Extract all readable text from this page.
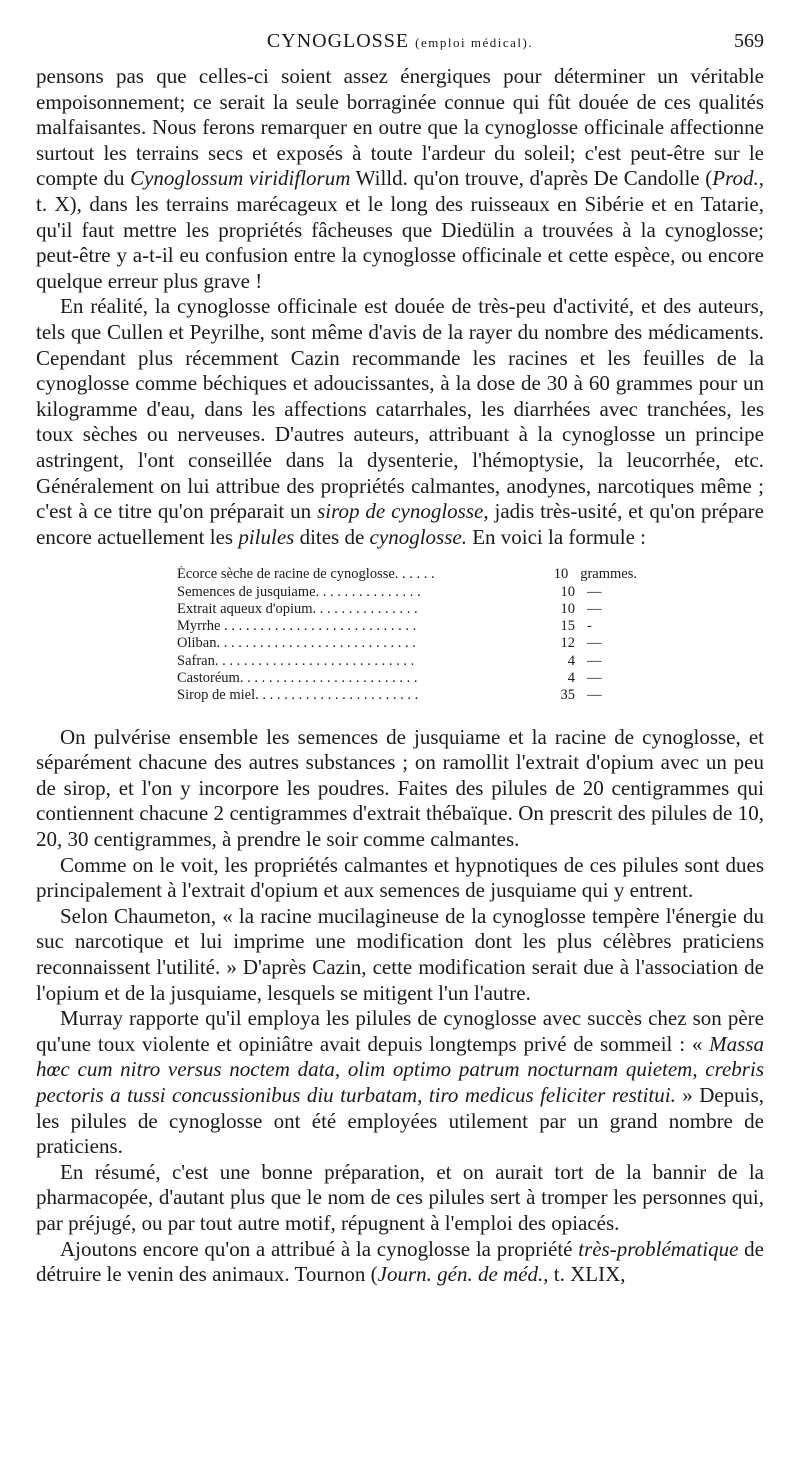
CYNOGLOSSE (emploi médical).	569

pensons pas que celles-ci soient assez énergiques pour déterminer un véritable empoisonnement; ce serait la seule borraginée connue qui fût douée de ces qualités malfaisantes. Nous ferons remarquer en outre que la cynoglosse officinale affectionne surtout les terrains secs et exposés à toute l'ardeur du soleil; c'est peut-être sur le compte du Cynoglossum viridiflorum Willd. qu'on trouve, d'après De Candolle (Prod., t. X), dans les terrains marécageux et le long des ruisseaux en Sibérie et en Tatarie, qu'il faut mettre les propriétés fâcheuses que Diedülin a trouvées à la cynoglosse; peut-être y a-t-il eu confusion entre la cynoglosse officinale et cette espèce, ou encore quelque erreur plus grave !

En réalité, la cynoglosse officinale est douée de très-peu d'activité, et des auteurs, tels que Cullen et Peyrilhe, sont même d'avis de la rayer du nombre des médicaments. Cependant plus récemment Cazin recommande les racines et les feuilles de la cynoglosse comme béchiques et adoucissantes, à la dose de 30 à 60 grammes pour un kilogramme d'eau, dans les affections catarrhales, les diarrhées avec tranchées, les toux sèches ou nerveuses. D'autres auteurs, attribuant à la cynoglosse un principe astringent, l'ont conseillée dans la dysenterie, l'hémoptysie, la leucorrhée, etc. Généralement on lui attribue des propriétés calmantes, anodynes, narcotiques même ; c'est à ce titre qu'on préparait un sirop de cynoglosse, jadis très-usité, et qu'on prépare encore actuellement les pilules dites de cynoglosse. En voici la formule :

Écorce sèche de racine de cynoglosse. . . . . .	10 grammes.
Semences de jusquiame. . . . . . . . . . . . . . .	10 —
Extrait aqueux d'opium. . . . . . . . . . . . . . .	10 —
Myrrhe . . . . . . . . . . . . . . . . . . . . . . . . . . .	15 -
Oliban. . . . . . . . . . . . . . . . . . . . . . . . . . . .	12 —
Safran. . . . . . . . . . . . . . . . . . . . . . . . . . . .	4 —
Castoréum. . . . . . . . . . . . . . . . . . . . . . . . .	4 —
Sirop de miel. . . . . . . . . . . . . . . . . . . . . . .	35 —

On pulvérise ensemble les semences de jusquiame et la racine de cynoglosse, et séparément chacune des autres substances ; on ramollit l'extrait d'opium avec un peu de sirop, et l'on y incorpore les poudres. Faites des pilules de 20 centigrammes qui contiennent chacune 2 centigrammes d'extrait thébaïque. On prescrit des pilules de 10, 20, 30 centigrammes, à prendre le soir comme calmantes.

Comme on le voit, les propriétés calmantes et hypnotiques de ces pilules sont dues principalement à l'extrait d'opium et aux semences de jusquiame qui y entrent.

Selon Chaumeton, « la racine mucilagineuse de la cynoglosse tempère l'énergie du suc narcotique et lui imprime une modification dont les plus célèbres praticiens reconnaissent l'utilité. » D'après Cazin, cette modification serait due à l'association de l'opium et de la jusquiame, lesquels se mitigent l'un l'autre.

Murray rapporte qu'il employa les pilules de cynoglosse avec succès chez son père qu'une toux violente et opiniâtre avait depuis longtemps privé de sommeil : « Massa hœc cum nitro versus noctem data, olim optimo patrum nocturnam quietem, crebris pectoris a tussi concussionibus diu turbatam, tiro medicus feliciter restitui. » Depuis, les pilules de cynoglosse ont été employées utilement par un grand nombre de praticiens.

En résumé, c'est une bonne préparation, et on aurait tort de la bannir de la pharmacopée, d'autant plus que le nom de ces pilules sert à tromper les personnes qui, par préjugé, ou par tout autre motif, répugnent à l'emploi des opiacés.

Ajoutons encore qu'on a attribué à la cynoglosse la propriété très-problématique de détruire le venin des animaux. Tournon (Journ. gén. de méd., t. XLIX,
